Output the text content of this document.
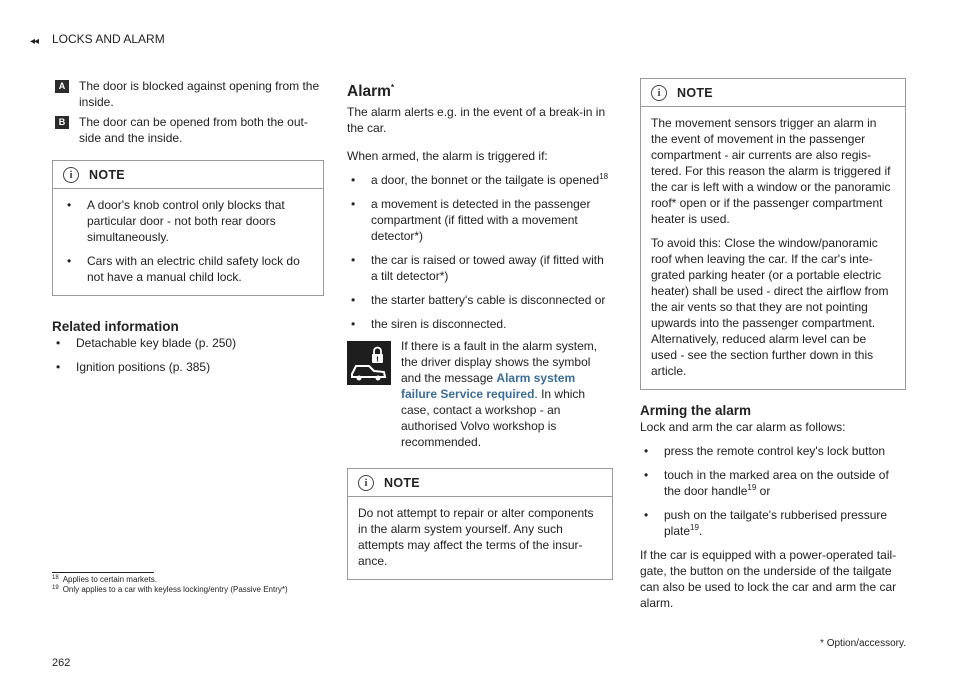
◂◂ LOCKS AND ALARM
A	The door is blocked against opening from the inside.
B	The door can be opened from both the out-side and the inside.
i	NOTE
• A door's knob control only blocks that particular door - not both rear doors simultaneously.
• Cars with an electric child safety lock do not have a manual child lock.
Related information
• Detachable key blade (p. 250)
• Ignition positions (p. 385)
Alarm*
The alarm alerts e.g. in the event of a break-in in the car.

When armed, the alarm is triggered if:

• a door, the bonnet or the tailgate is opened$^{18}$
• a movement is detected in the passenger compartment (if fitted with a movement detector*)
• the car is raised or towed away (if fitted with a tilt detector*)
• the starter battery's cable is disconnected or
• the siren is disconnected.
!
If there is a fault in the alarm system, the driver display shows the symbol and the message Alarm system failure Service required. In which case, contact a workshop - an authorised Volvo workshop is recommended.
i	NOTE
Do not attempt to repair or alter components in the alarm system yourself. Any such attempts may affect the terms of the insur-ance.
i	NOTE

The movement sensors trigger an alarm in the event of movement in the passenger compartment - air currents are also regis-tered. For this reason the alarm is triggered if the car is left with a window or the panoramic roof* open or if the passenger compartment heater is used.

To avoid this: Close the window/panoramic roof when leaving the car. If the car's inte-grated parking heater (or a portable electric heater) shall be used - direct the airflow from the air vents so that they are not pointing upwards into the passenger compartment. Alternatively, reduced alarm level can be used - see the section further down in this article.

Arming the alarm

Lock and arm the car alarm as follows:

• press the remote control key's lock button
• touch in the marked area on the outside of the door handle$^{19}$ or
• push on the tailgate's rubberised pressure plate$^{19}$.

If the car is equipped with a power-operated tail-gate, the button on the underside of the tailgate can also be used to lock the car and arm the car alarm.

$^{18}$ Applies to certain markets.
$^{19}$ Only applies to a car with keyless locking/entry (Passive Entry*)
* Option/accessory.
262
